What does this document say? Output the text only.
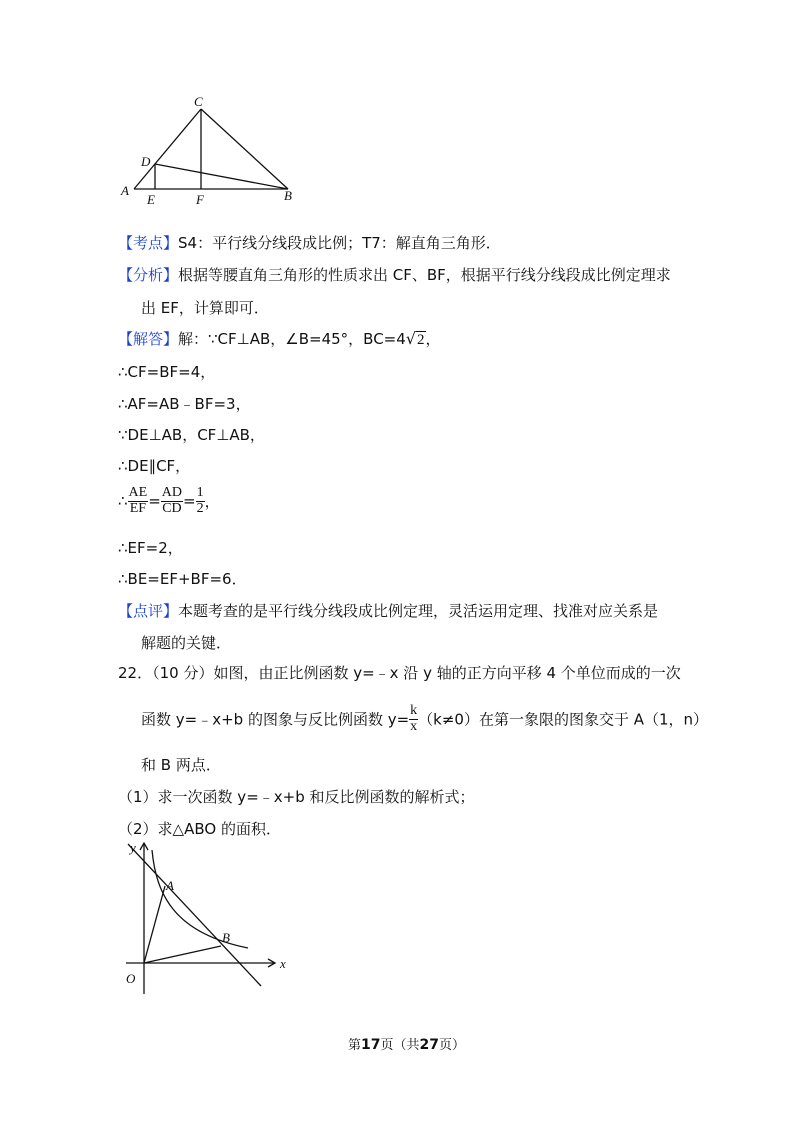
C
D
A
E	F	B
【考点】S4：平行线分线段成比例；T7：解直角三角形．
【分析】根据等腰直角三角形的性质求出 CF、BF，根据平行线分线段成比例定理求
出 EF，计算即可．
【解答】解：∵CF⊥AB，∠B=45°，BC=4√2，
∴CF=BF=4，
∴AF=AB﹣BF=3，
∵DE⊥AB，CF⊥AB，
∴DE∥CF，
∴ $\frac{AE}{EF} = \frac{AD}{CD} = \frac{1}{2}$ ，
∴EF=2，
∴BE=EF+BF=6．
【点评】本题考查的是平行线分线段成比例定理，灵活运用定理、找准对应关系是
解题的关键．
22．（10 分）如图，由正比例函数 y=﹣x 沿 y 轴的正方向平移 4 个单位而成的一次
函数 y=﹣x+b 的图象与反比例函数 $y= \frac{k}{x} (k\ne 0)$在第一象限的图象交于 A（1，n）
和 B 两点．
（1）求一次函数 y=﹣x+b 和反比例函数的解析式；
（2）求△ABO 的面积．
y
x
A
B
O
第17页（共27页）
